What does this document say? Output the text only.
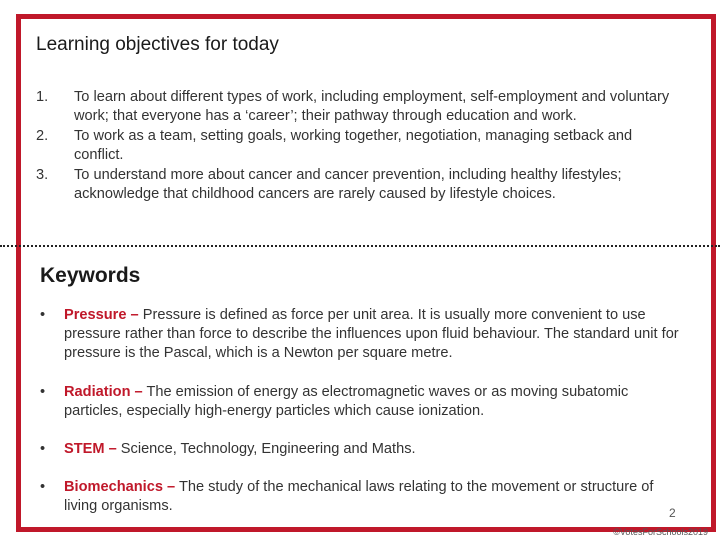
Learning objectives for today
1.	To learn about different types of work, including employment, self-employment and voluntary work; that everyone has a ‘career’; their pathway through education and work.
2.	To work as a team, setting goals, working together, negotiation, managing setback and conflict.
3.	To understand more about cancer and cancer prevention, including healthy lifestyles; acknowledge that childhood cancers are rarely caused by lifestyle choices.
Keywords
•	Pressure – Pressure is defined as force per unit area. It is usually more convenient to use pressure rather than force to describe the influences upon fluid behaviour. The standard unit for pressure is the Pascal, which is a Newton per square metre.
•	Radiation – The emission of energy as electromagnetic waves or as moving subatomic particles, especially high-energy particles which cause ionization.
•	STEM – Science, Technology, Engineering and Maths.
•	Biomechanics – The study of the mechanical laws relating to the movement or structure of living organisms.	2
©VotesForSchools2019
